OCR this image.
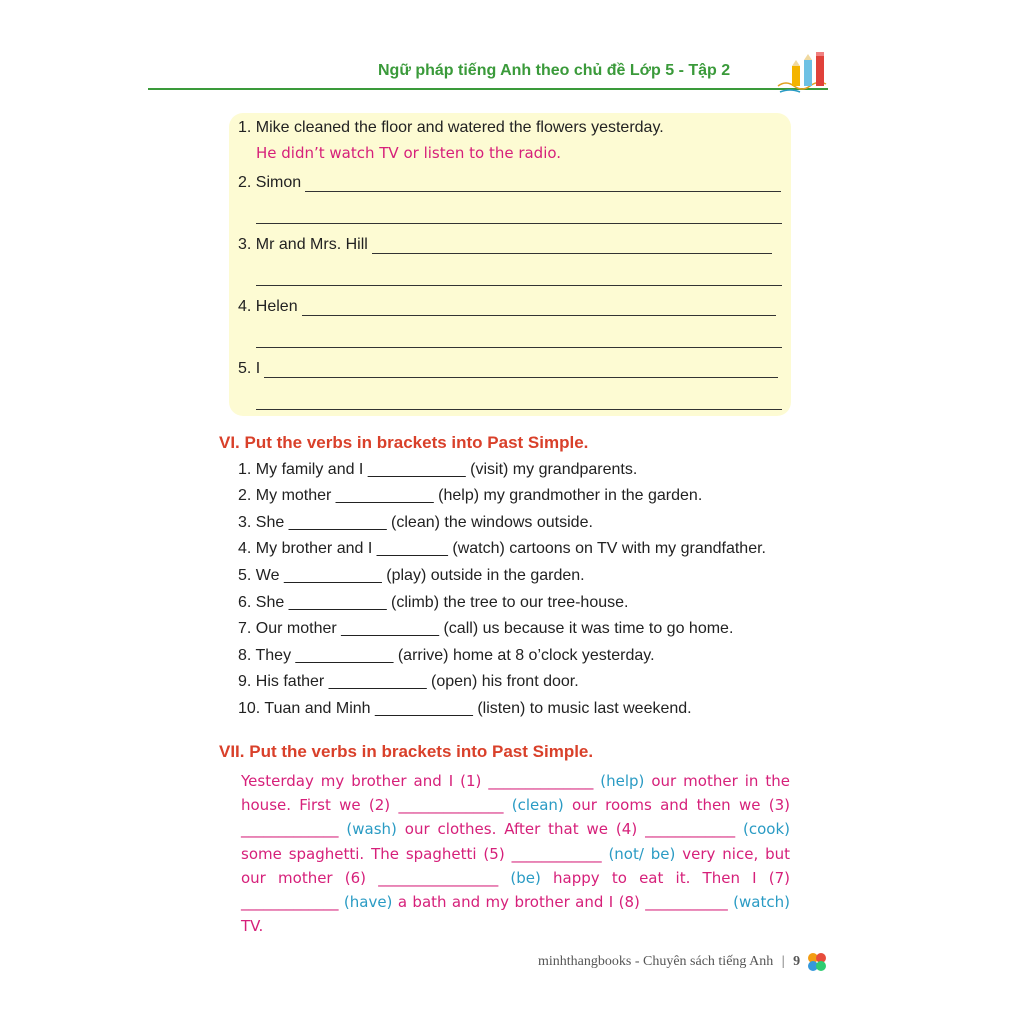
Ngữ pháp tiếng Anh theo chủ đề Lớp 5 - Tập 2
1. Mike cleaned the floor and watered the flowers yesterday.
He didn’t watch TV or listen to the radio.
2. Simon
3. Mr and Mrs. Hill
4. Helen
5. I
VI. Put the verbs in brackets into Past Simple.
1. My family and I ___________ (visit) my grandparents.
2. My mother ___________ (help) my grandmother in the garden.
3. She ___________ (clean) the windows outside.
4. My brother and I ________ (watch) cartoons on TV with my grandfather.
5. We ___________ (play) outside in the garden.
6. She ___________ (climb) the tree to our tree-house.
7. Our mother ___________ (call) us because it was time to go home.
8. They ___________ (arrive) home at 8 o’clock yesterday.
9. His father ___________ (open) his front door.
10. Tuan and Minh ___________ (listen) to music last weekend.
VII. Put the verbs in brackets into Past Simple.
Yesterday my brother and I (1) ______________ (help) our mother in the house. First we (2) ______________ (clean) our rooms and then we (3) _____________ (wash) our clothes. After that we (4) ____________ (cook) some spaghetti. The spaghetti (5) ____________ (not/ be) very nice, but our mother (6) ________________ (be) happy to eat it. Then I (7) _____________ (have) a bath and my brother and I (8) ___________ (watch) TV.
minhthangbooks - Chuyên sách tiếng Anh | 9
